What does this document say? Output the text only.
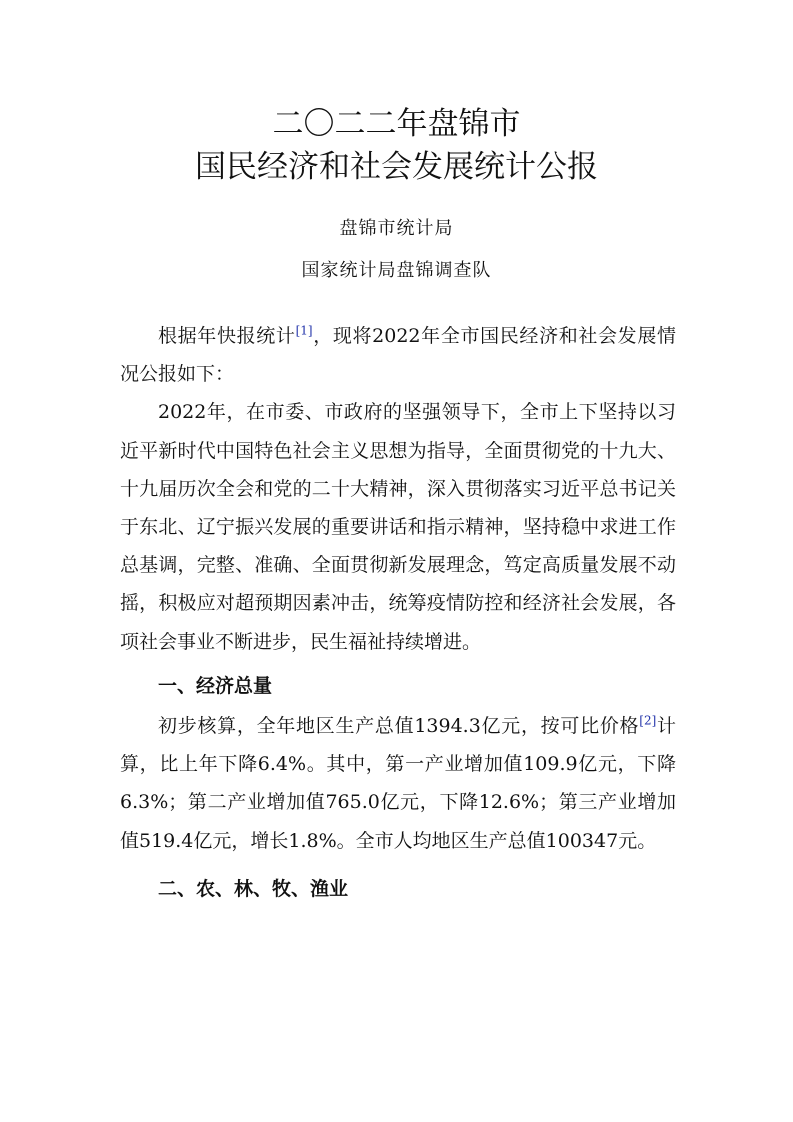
二〇二二年盘锦市
国民经济和社会发展统计公报

盘锦市统计局

国家统计局盘锦调查队

根据年快报统计[1]，现将2022年全市国民经济和社会发展情况公报如下：

2022年，在市委、市政府的坚强领导下，全市上下坚持以习近平新时代中国特色社会主义思想为指导，全面贯彻党的十九大、十九届历次全会和党的二十大精神，深入贯彻落实习近平总书记关于东北、辽宁振兴发展的重要讲话和指示精神，坚持稳中求进工作总基调，完整、准确、全面贯彻新发展理念，笃定高质量发展不动摇，积极应对超预期因素冲击，统筹疫情防控和经济社会发展，各项社会事业不断进步，民生福祉持续增进。

一、经济总量

初步核算，全年地区生产总值1394.3亿元，按可比价格[2]计算，比上年下降6.4%。其中，第一产业增加值109.9亿元，下降6.3%；第二产业增加值765.0亿元，下降12.6%；第三产业增加值519.4亿元，增长1.8%。全市人均地区生产总值100347元。

二、农、林、牧、渔业
